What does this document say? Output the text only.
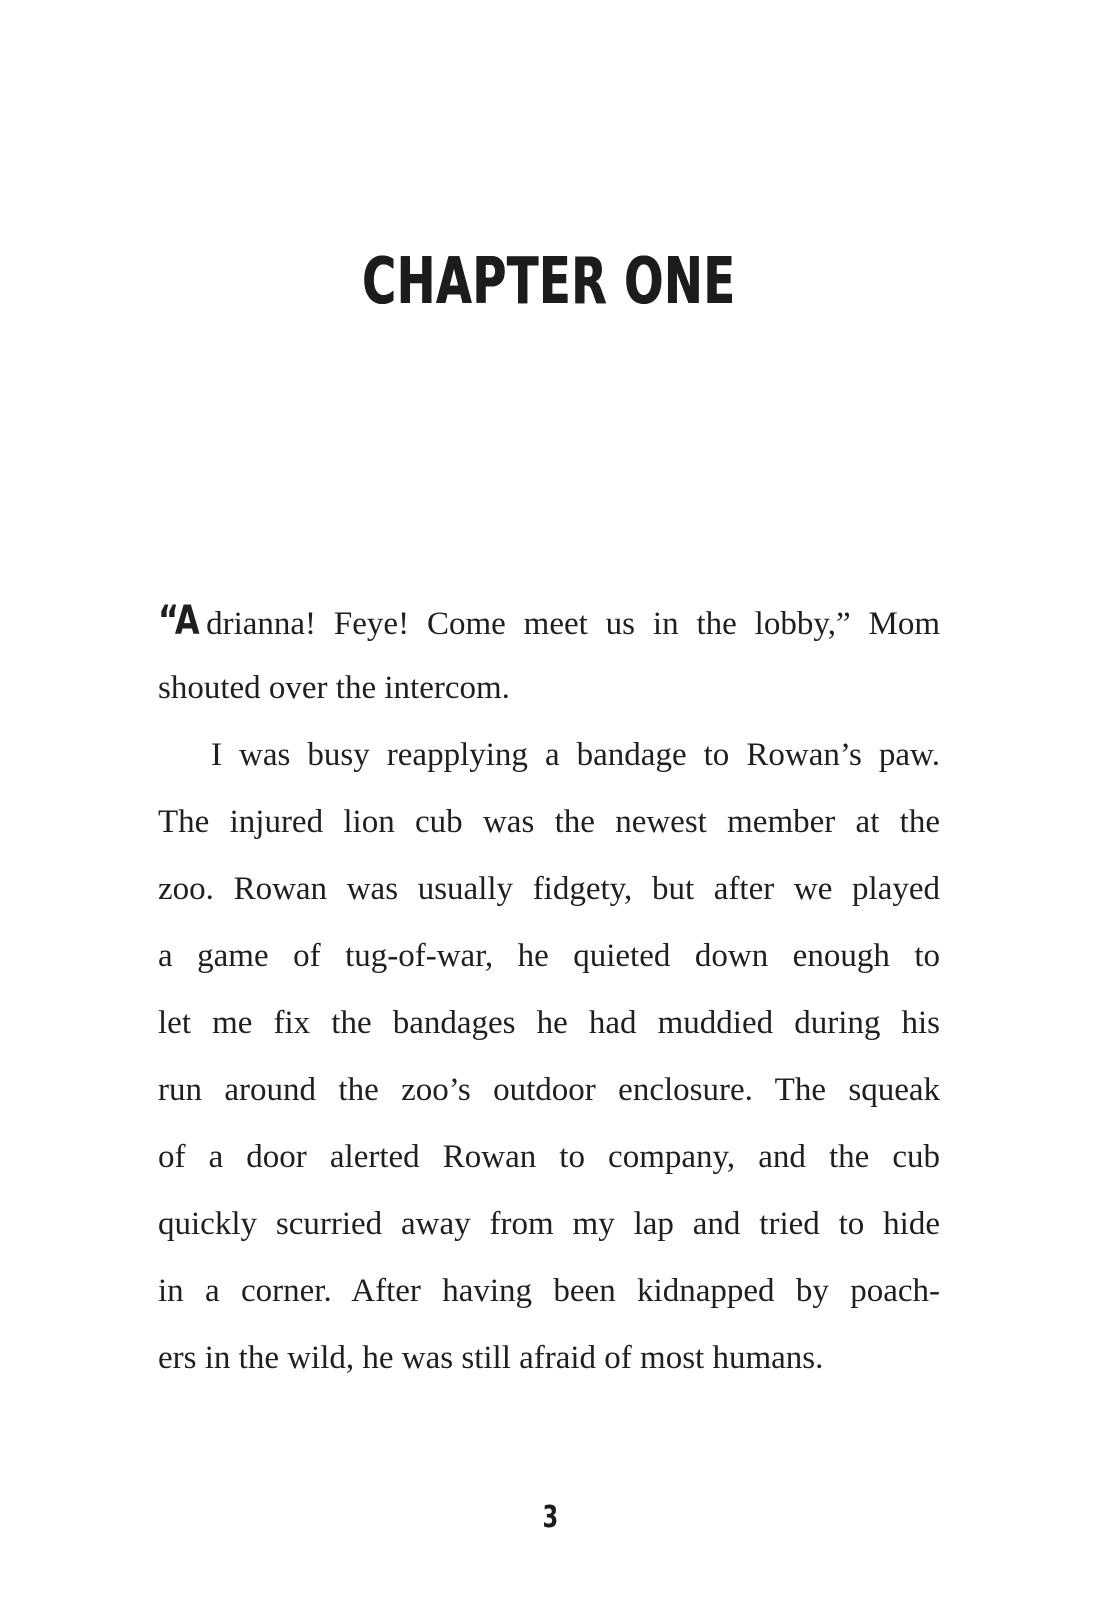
CHAPTER ONE
“A drianna! Feye! Come meet us in the lobby,” Mom
shouted over the intercom.
I was busy reapplying a bandage to Rowan’s paw.
The injured lion cub was the newest member at the
zoo. Rowan was usually fidgety, but after we played
a game of tug-of-war, he quieted down enough to
let me fix the bandages he had muddied during his
run around the zoo’s outdoor enclosure. The squeak
of a door alerted Rowan to company, and the cub
quickly scurried away from my lap and tried to hide
in a corner. After having been kidnapped by poach-
ers in the wild, he was still afraid of most humans.
3
